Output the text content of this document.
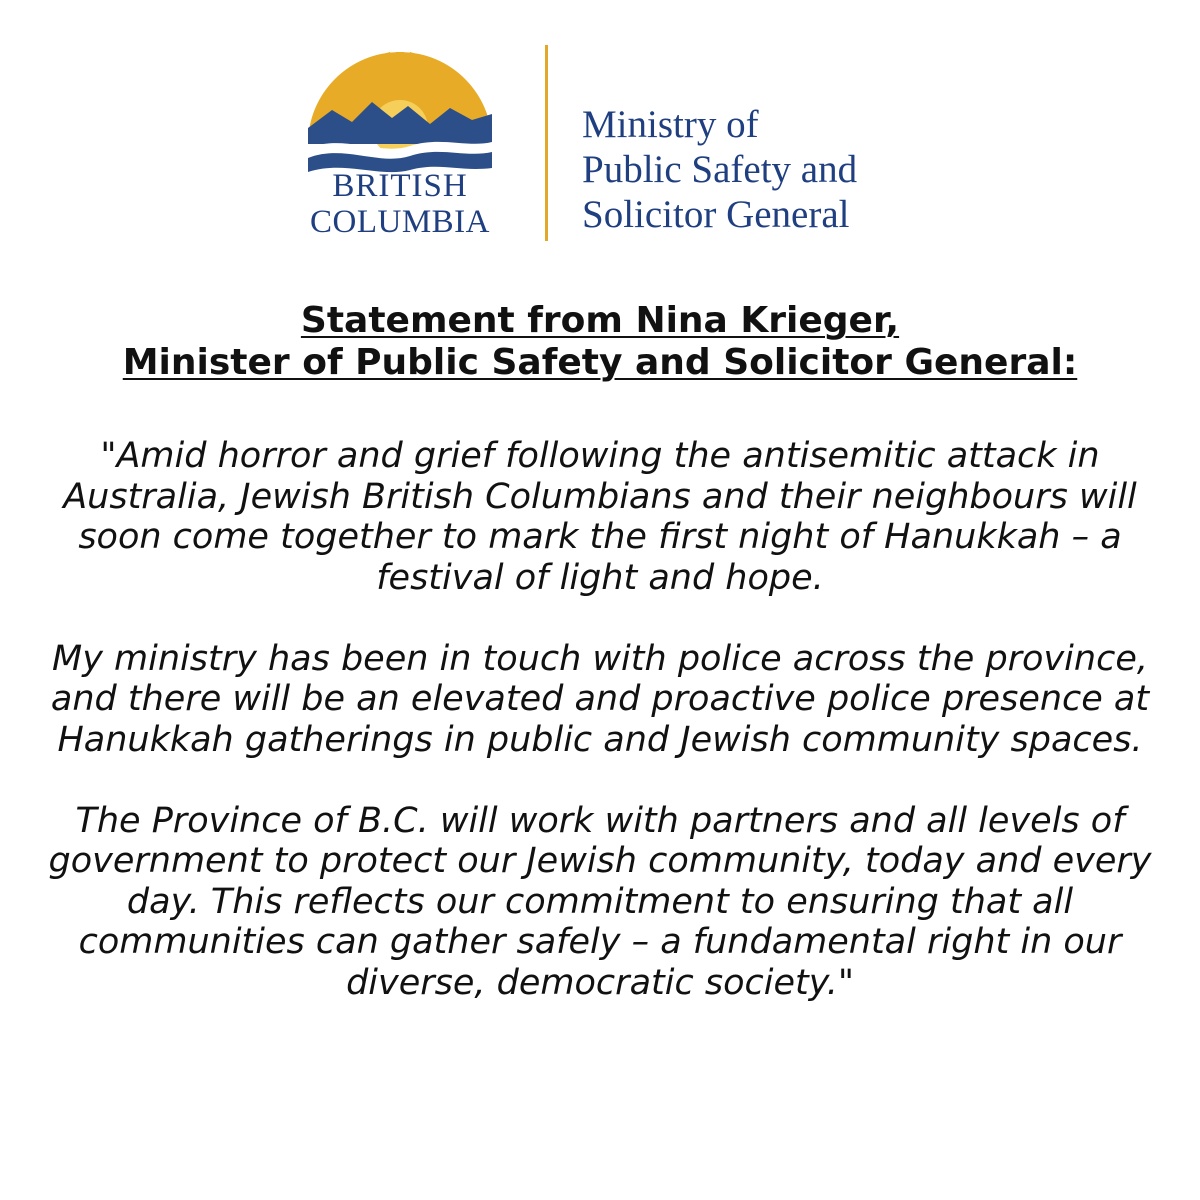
BRITISH
COLUMBIA
Ministry of
Public Safety and
Solicitor General
Statement from Nina Krieger,
Minister of Public Safety and Solicitor General:

"Amid horror and grief following the antisemitic attack in Australia, Jewish British Columbians and their neighbours will soon come together to mark the first night of Hanukkah – a festival of light and hope.

My ministry has been in touch with police across the province, and there will be an elevated and proactive police presence at Hanukkah gatherings in public and Jewish community spaces.

The Province of B.C. will work with partners and all levels of government to protect our Jewish community, today and every day. This reflects our commitment to ensuring that all communities can gather safely – a fundamental right in our diverse, democratic society."
